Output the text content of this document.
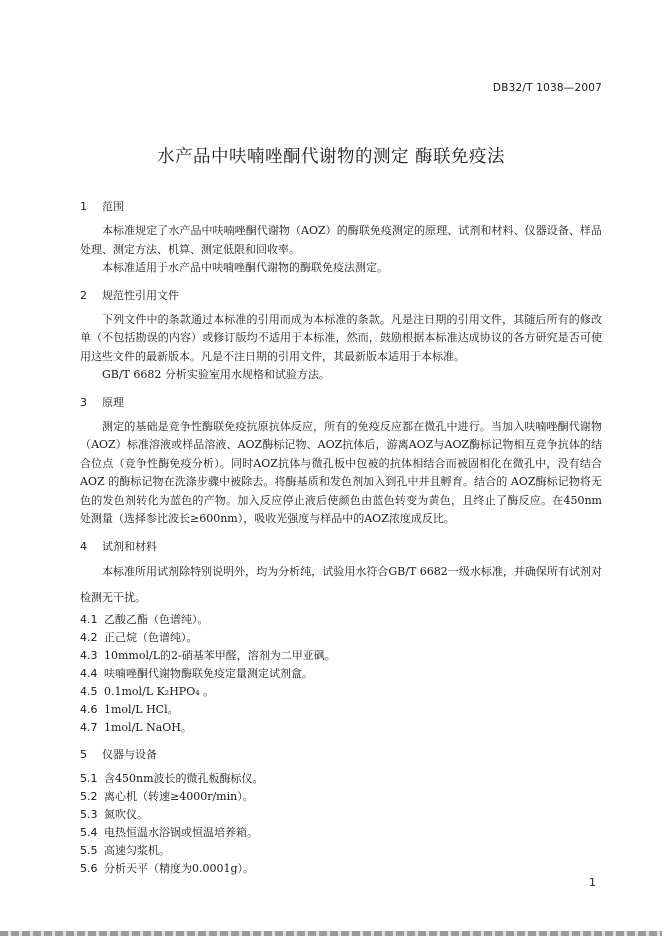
DB32/T 1038—2007
水产品中呋喃唑酮代谢物的测定 酶联免疫法

1 范围

本标准规定了水产品中呋喃唑酮代谢物（AOZ）的酶联免疫测定的原理、试剂和材料、仪器设备、样品处理、测定方法、机算、测定低限和回收率。

本标准适用于水产品中呋喃唑酮代谢物的酶联免疫法测定。

2 规范性引用文件

下列文件中的条款通过本标准的引用而成为本标准的条款。凡是注日期的引用文件，其随后所有的修改单（不包括勘误的内容）或修订版均不适用于本标准，然而，鼓励根据本标准达成协议的各方研究是否可使用这些文件的最新版本。凡是不注日期的引用文件，其最新版本适用于本标准。

GB/T 6682 分析实验室用水规格和试验方法。

3 原理

测定的基础是竞争性酶联免疫抗原抗体反应，所有的免疫反应都在微孔中进行。当加入呋喃唑酮代谢物（AOZ）标准溶液或样品溶液、AOZ酶标记物、AOZ抗体后，游离AOZ与AOZ酶标记物相互竞争抗体的结合位点（竞争性酶免疫分析）。同时AOZ抗体与微孔板中包被的抗体相结合而被固相化在微孔中，没有结合 AOZ 的酶标记物在洗涤步骤中被除去。将酶基质和发色剂加入到孔中并且孵育。结合的 AOZ酶标记物将无色的发色剂转化为蓝色的产物。加入反应停止液后使颜色由蓝色转变为黄色，且终止了酶反应。在450nm处测量（选择参比波长≥600nm），吸收光强度与样品中的AOZ浓度成反比。

4 试剂和材料

本标准所用试剂除特别说明外，均为分析纯，试验用水符合GB/T 6682一级水标准，并确保所有试剂对检测无干扰。

4.1 乙酸乙酯（色谱纯）。

4.2 正己烷（色谱纯）。

4.3 10mmol/L的2-硝基苯甲醛，溶剂为二甲亚砜。

4.4 呋喃唑酮代谢物酶联免疫定量测定试剂盒。

4.5 0.1mol/L K₂HPO₄ 。

4.6 1mol/L HCl。

4.7 1mol/L NaOH。

5 仪器与设备

5.1 含450nm波长的微孔板酶标仪。

5.2 离心机（转速≥4000r/min）。

5.3 氮吹仪。

5.4 电热恒温水浴锅或恒温培养箱。

5.5 高速匀浆机。

5.6 分析天平（精度为0.0001g）。

1
